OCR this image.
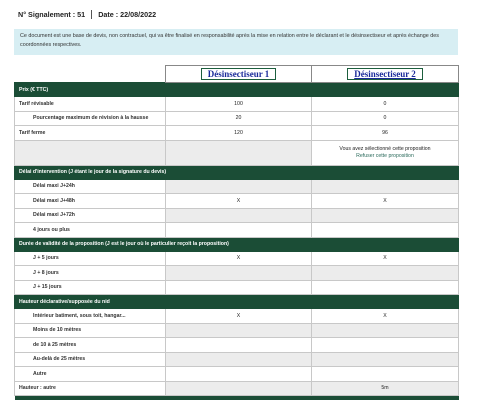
N° Signalement : 51 Date : 22/08/2022
Ce document est une base de devis, non contractuel, qui va être finalisé en responsabilité après la mise en relation entre le déclarant et le désinsectiseur et après échange des coordonnées respectives.
	Désinsectiseur 1	Désinsectiseur 2
Prix (€ TTC)		
Tarif révisable	100	0
Pourcentage maximum de révision à la hausse	20	0
Tarif ferme	120	96

		Vous avez sélectionné cette proposition
Refuser cette proposition

Délai d'intervention (J étant le jour de la signature du devis)		
Délai maxi J+24h		
Délai maxi J+48h	X	X
Délai maxi J+72h		
4 jours ou plus		
Durée de validité de la proposition (J est le jour où le particulier reçoit la proposition)		
J + 5 jours	X	X
J + 8 jours		
J + 15 jours		
Hauteur déclarative/supposée du nid		
Intérieur batiment, sous toit, hangar...	X	X
Moins de 10 mètres		
de 10 à 25 mètres		
Au-delà de 25 mètres		
Autre		
Hauteur : autre		5m
